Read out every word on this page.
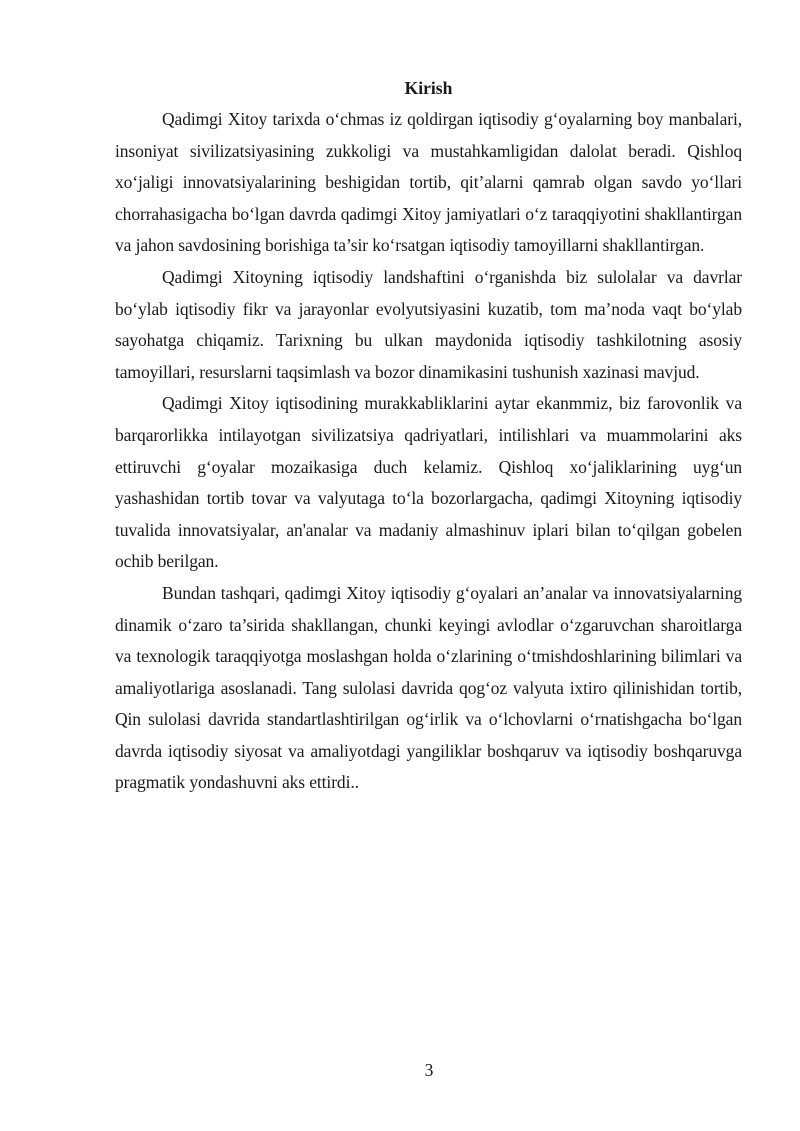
Kirish

Qadimgi Xitoy tarixda o‘chmas iz qoldirgan iqtisodiy g‘oyalarning boy manbalari, insoniyat sivilizatsiyasining zukkoligi va mustahkamligidan dalolat beradi. Qishloq xo‘jaligi innovatsiyalarining beshigidan tortib, qit’alarni qamrab olgan savdo yo‘llari chorrahasigacha bo‘lgan davrda qadimgi Xitoy jamiyatlari o‘z taraqqiyotini shakllantirgan va jahon savdosining borishiga ta’sir ko‘rsatgan iqtisodiy tamoyillarni shakllantirgan.

Qadimgi Xitoyning iqtisodiy landshaftini o‘rganishda biz sulolalar va davrlar bo‘ylab iqtisodiy fikr va jarayonlar evolyutsiyasini kuzatib, tom ma’noda vaqt bo‘ylab sayohatga chiqamiz. Tarixning bu ulkan maydonida iqtisodiy tashkilotning asosiy tamoyillari, resurslarni taqsimlash va bozor dinamikasini tushunish xazinasi mavjud.

Qadimgi Xitoy iqtisodining murakkabliklarini aytar ekanmmiz, biz farovonlik va barqarorlikka intilayotgan sivilizatsiya qadriyatlari, intilishlari va muammolarini aks ettiruvchi g‘oyalar mozaikasiga duch kelamiz. Qishloq xo‘jaliklarining uyg‘un yashashidan tortib tovar va valyutaga to‘la bozorlargacha, qadimgi Xitoyning iqtisodiy tuvalida innovatsiyalar, an'analar va madaniy almashinuv iplari bilan to‘qilgan gobelen ochib berilgan.

Bundan tashqari, qadimgi Xitoy iqtisodiy g‘oyalari an’analar va innovatsiyalarning dinamik o‘zaro ta’sirida shakllangan, chunki keyingi avlodlar o‘zgaruvchan sharoitlarga va texnologik taraqqiyotga moslashgan holda o‘zlarining o‘tmishdoshlarining bilimlari va amaliyotlariga asoslanadi. Tang sulolasi davrida qog‘oz valyuta ixtiro qilinishidan tortib, Qin sulolasi davrida standartlashtirilgan og‘irlik va o‘lchovlarni o‘rnatishgacha bo‘lgan davrda iqtisodiy siyosat va amaliyotdagi yangiliklar boshqaruv va iqtisodiy boshqaruvga pragmatik yondashuvni aks ettirdi..

3
